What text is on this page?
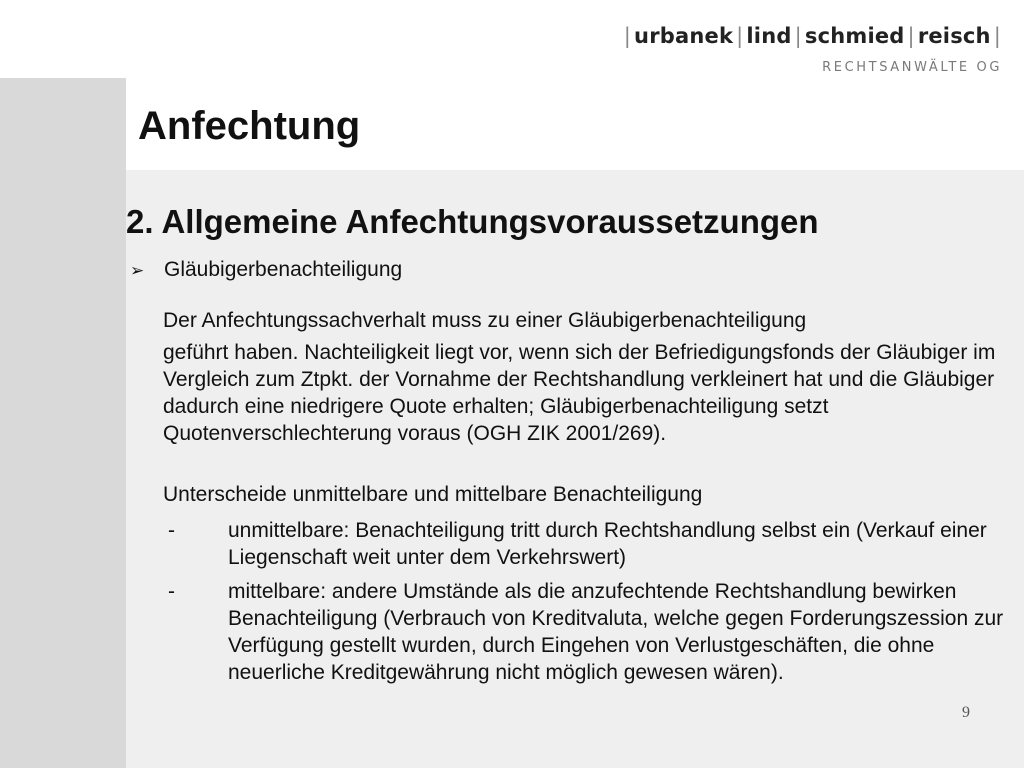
| urbanek | lind | schmied | reisch |
RECHTSANWÄLTE OG
Anfechtung
2. Allgemeine Anfechtungsvoraussetzungen
➢ Gläubigerbenachteiligung

Der Anfechtungssachverhalt muss zu einer Gläubigerbenachteiligung
geführt haben. Nachteiligkeit liegt vor, wenn sich der Befriedigungsfonds der Gläubiger im Vergleich zum Ztpkt. der Vornahme der Rechtshandlung verkleinert hat und die Gläubiger dadurch eine niedrigere Quote erhalten; Gläubigerbenachteiligung setzt Quotenverschlechterung voraus (OGH ZIK 2001/269).

Unterscheide unmittelbare und mittelbare Benachteiligung
-	unmittelbare: Benachteiligung tritt durch Rechtshandlung selbst ein (Verkauf einer Liegenschaft weit unter dem Verkehrswert)
-	mittelbare: andere Umstände als die anzufechtende Rechtshandlung bewirken Benachteiligung (Verbrauch von Kreditvaluta, welche gegen Forderungszession zur Verfügung gestellt wurden, durch Eingehen von Verlustgeschäften, die ohne neuerliche Kreditgewährung nicht möglich gewesen wären).
9
